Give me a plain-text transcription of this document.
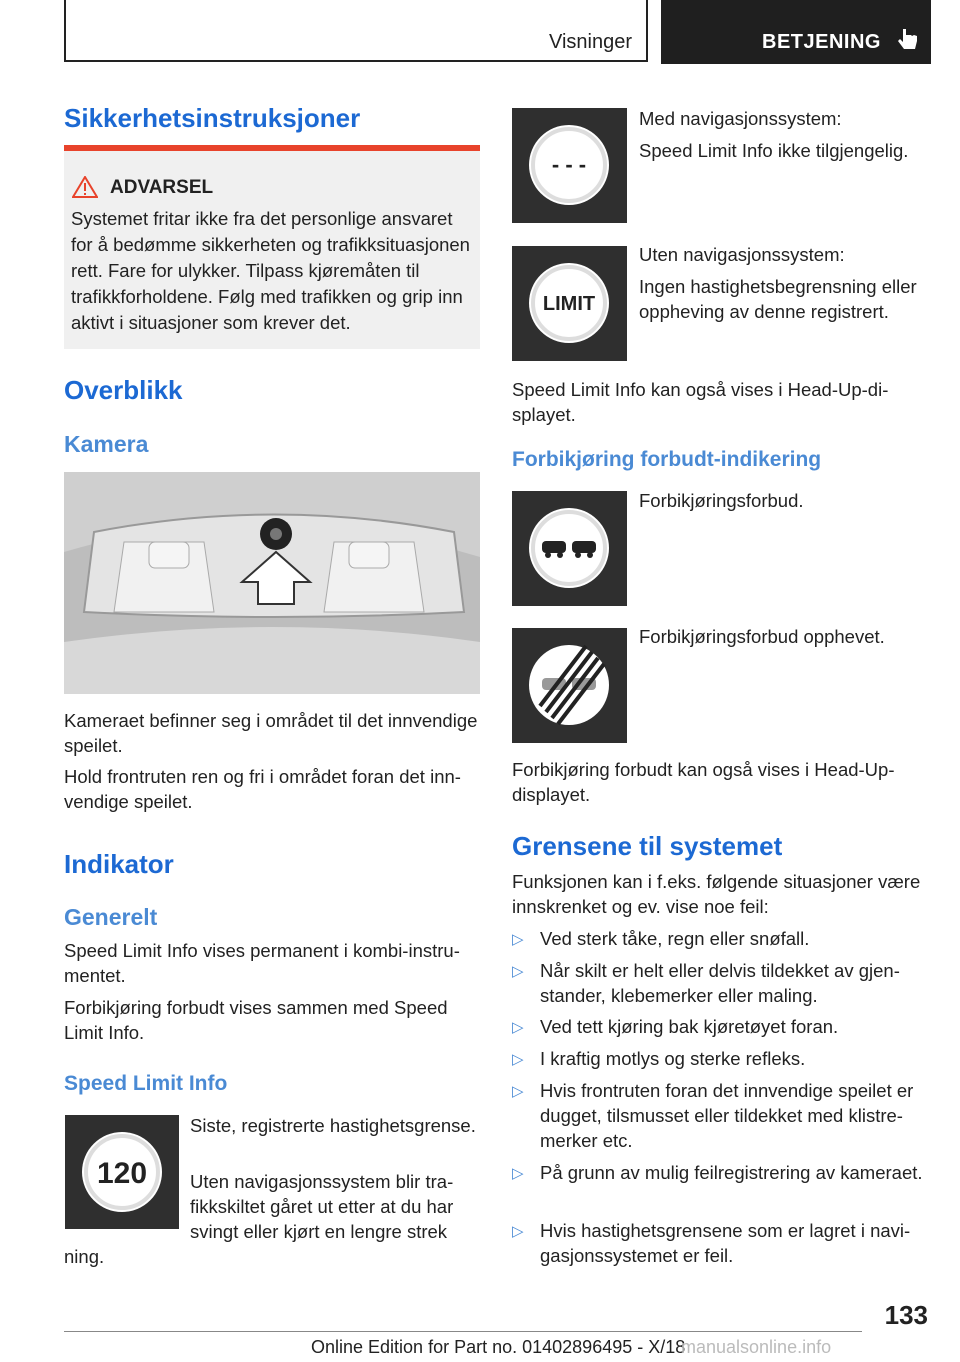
Visninger	BETJENING
Sikkerhetsinstruksjoner
ADVARSEL
Systemet fritar ikke fra det personlige ansvaret for å bedømme sikkerheten og trafikksituasjonen rett. Fare for ulykker. Tilpass kjøremåten til trafikkforholdene. Følg med trafikken og grip inn aktivt i situasjoner som krever det.
Overblikk
Kamera
Kameraet befinner seg i området til det innvendige speilet.
Hold frontruten ren og fri i området foran det innvendige speilet.
Indikator
Generelt
Speed Limit Info vises permanent i kombi-instrumentet.
Forbikjøring forbudt vises sammen med Speed Limit Info.
Speed Limit Info
120
Siste, registrerte hastighetsgrense.
Uten navigasjonssystem blir trafikkskiltet gåret ut etter at du har svingt eller kjørt en lengre strek
ning.
- - -
Med navigasjonssystem:
Speed Limit Info ikke tilgjengelig.
LIMIT
Uten navigasjonssystem:
Ingen hastighetsbegrensning eller oppheving av denne registrert.
Speed Limit Info kan også vises i Head-Up-displayet.
Forbikjøring forbudt-indikering
Forbikjøringsforbud.
Forbikjøringsforbud opphevet.
Forbikjøring forbudt kan også vises i Head-Up-displayet.
Grensene til systemet
Funksjonen kan i f.eks. følgende situasjoner være innskrenket og ev. vise noe feil:
▷ Ved sterk tåke, regn eller snøfall.
▷ Når skilt er helt eller delvis tildekket av gjenstander, klebemerker eller maling.
▷ Ved tett kjøring bak kjøretøyet foran.
▷ I kraftig motlys og sterke refleks.
▷ Hvis frontruten foran det innvendige speilet er dugget, tilsmusset eller tildekket med klistremerker etc.
▷ På grunn av mulig feilregistrering av kameraet.
▷ Hvis hastighetsgrensene som er lagret i navigasjonssystemet er feil.
133
Online Edition for Part no. 01402896495 - X/18
manualsonline.info
